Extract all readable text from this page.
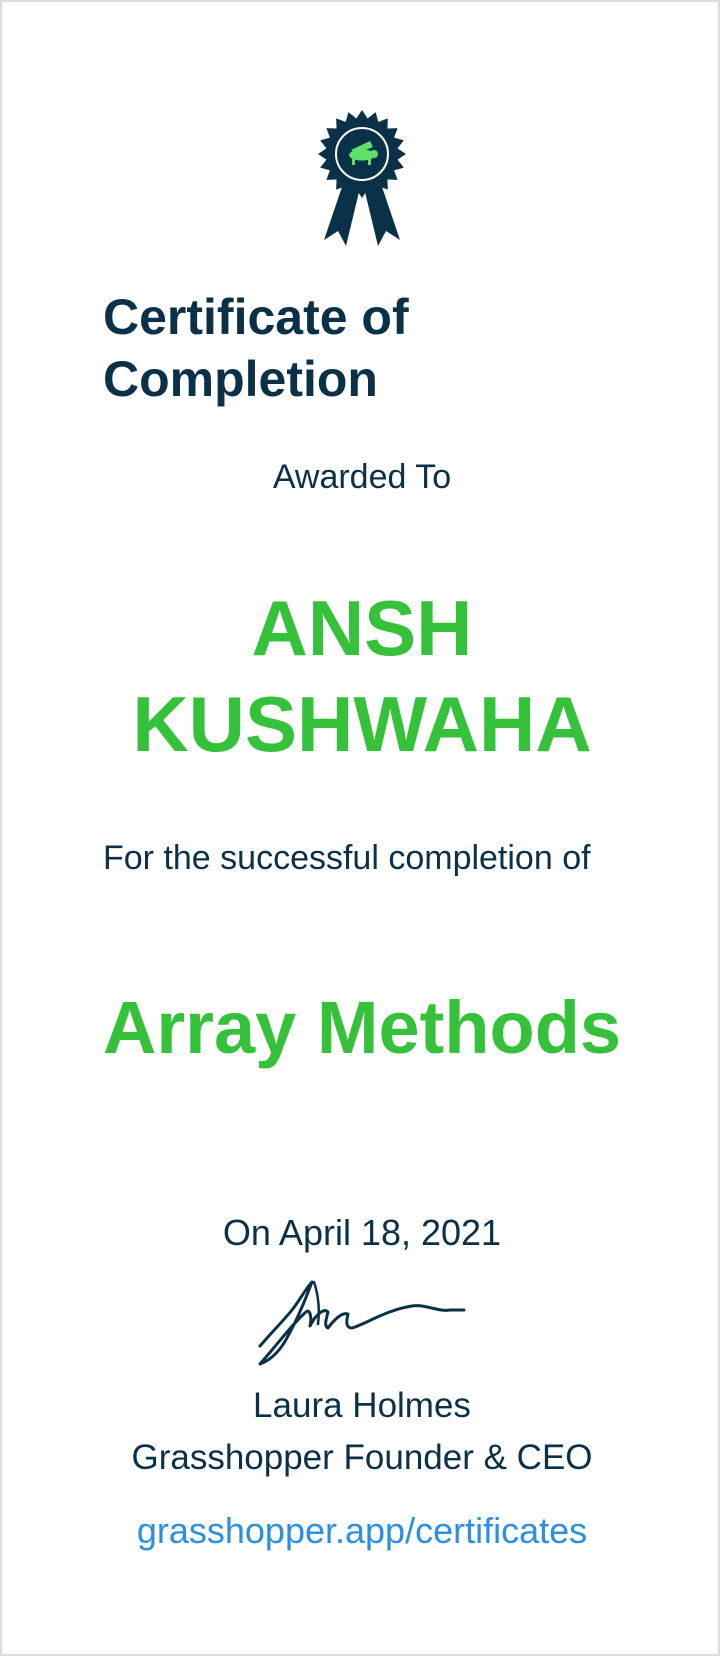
Certificate of Completion
Awarded To
ANSH KUSHWAHA
For the successful completion of
Array Methods
On April 18, 2021
Laura Holmes
Grasshopper Founder & CEO
grasshopper.app/certificates
